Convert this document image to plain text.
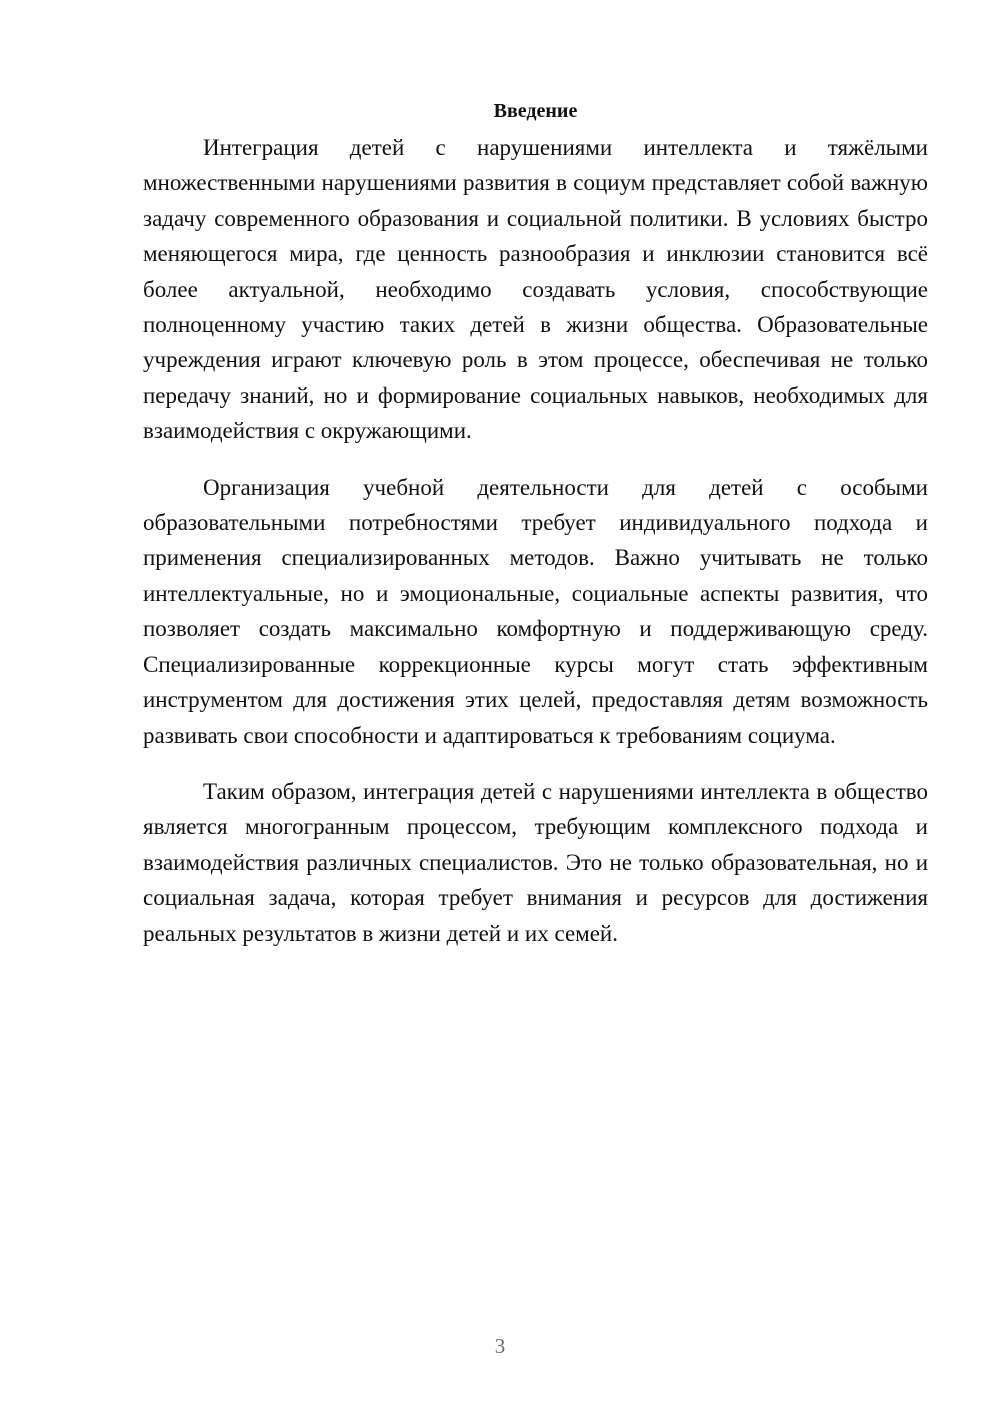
Введение

Интеграция детей с нарушениями интеллекта и тяжёлыми множественными нарушениями развития в социум представляет собой важную задачу современного образования и социальной политики. В условиях быстро меняющегося мира, где ценность разнообразия и инклюзии становится всё более актуальной, необходимо создавать условия, способствующие полноценному участию таких детей в жизни общества. Образовательные учреждения играют ключевую роль в этом процессе, обеспечивая не только передачу знаний, но и формирование социальных навыков, необходимых для взаимодействия с окружающими.

Организация учебной деятельности для детей с особыми образовательными потребностями требует индивидуального подхода и применения специализированных методов. Важно учитывать не только интеллектуальные, но и эмоциональные, социальные аспекты развития, что позволяет создать максимально комфортную и поддерживающую среду. Специализированные коррекционные курсы могут стать эффективным инструментом для достижения этих целей, предоставляя детям возможность развивать свои способности и адаптироваться к требованиям социума.

Таким образом, интеграция детей с нарушениями интеллекта в общество является многогранным процессом, требующим комплексного подхода и взаимодействия различных специалистов. Это не только образовательная, но и социальная задача, которая требует внимания и ресурсов для достижения реальных результатов в жизни детей и их семей.

3
